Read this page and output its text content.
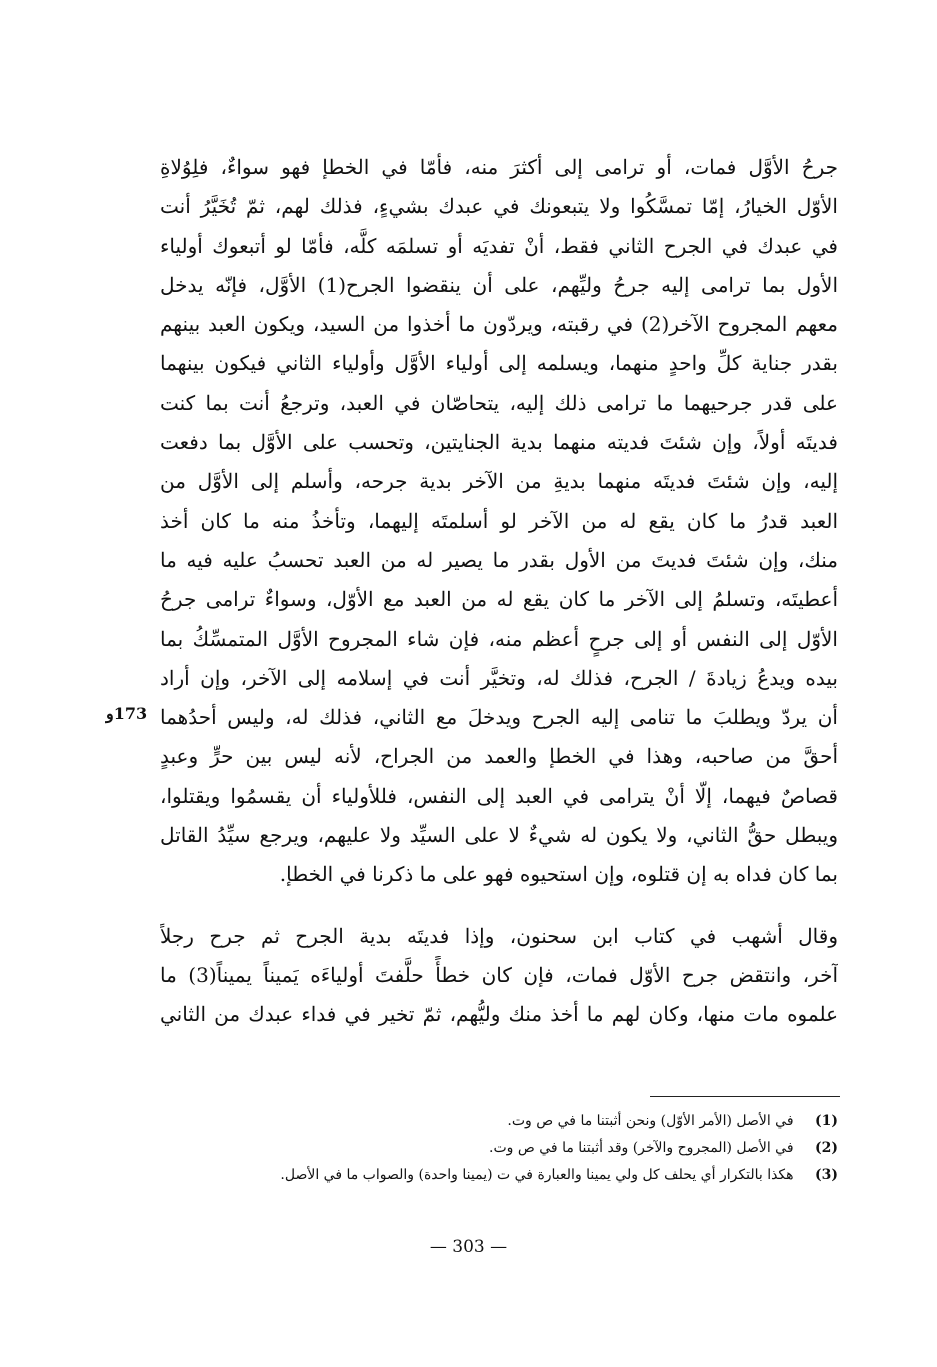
جرحُ الأوَّل فمات، أو ترامى إلى أكثرَ منه، فأمّا في الخطإ فهو سواءٌ، فلِوُلاةِ
الأوّل الخيارُ، إمّا تمسَّكُوا ولا يتبعونك في عبدك بشيءٍ، فذلك لهم، ثمّ تُخَيَّرُ أنت
في عبدك في الجرح الثاني فقط، أنْ تفديَه أو تسلمَه كلَّه، فأمّا لو أتبعوك أولياء
الأول بما ترامى إليه جرحُ وليِّهم، على أن ينقضوا الجرح(1) الأوَّل، فإنّه يدخل
معهم المجروح الآخر(2) في رقبته، ويردّون ما أخذوا من السيد، ويكون العبد بينهم
بقدر جناية كلِّ واحدٍ منهما، ويسلمه إلى أولياء الأوَّل وأولياء الثاني فيكون بينهما
على قدر جرحيهما ما ترامى ذلك إليه، يتحاصّان في العبد، وترجعُ أنت بما كنت
فديتَه أولاً، وإن شئتَ فديته منهما بدية الجنايتين، وتحسب على الأوَّل بما دفعت
إليه، وإن شئتَ فديتَه منهما بديةِ من الآخر بدية جرحه، وأسلم إلى الأوَّل من
العبد قدرُ ما كان يقع له من الآخر لو أسلمتَه إليهما، وتأخذُ منه ما كان أخذ
منك، وإن شئتَ فديتَ من الأول بقدر ما يصير له من العبد تحسبُ عليه فيه ما
أعطيتَه، وتسلمُ إلى الآخر ما كان يقع له من العبد مع الأوّل، وسواءٌ ترامى جرحُ
الأوّل إلى النفس أو إلى جرحٍ أعظم منه، فإن شاء المجروح الأوَّل المتمسِّكُ بما
بيده ويدعُ زيادةَ / الجرح، فذلك له، وتخيَّر أنت في إسلامه إلى الآخر، وإن أراد
أن يردّ ويطلبَ ما تنامى إليه الجرح ويدخلَ مع الثاني، فذلك له، وليس أحدُهما
أحقَّ من صاحبه، وهذا في الخطإ والعمد من الجراح، لأنه ليس بين حرٍّ وعبدٍ
قصاصٌ فيهما، إلّا أنْ يترامى في العبد إلى النفس، فللأولياء أن يقسمُوا ويقتلوا،
ويبطل حقُّ الثاني، ولا يكون له شيءٌ لا على السيِّد ولا عليهم، ويرجع سيِّدُ القاتل
بما كان فداه به إن قتلوه، وإن استحيوه فهو على ما ذكرنا في الخطإ.
وقال أشهب في كتاب ابن سحنون، وإذا فديتَه بدية الجرح ثم جرح رجلاً
آخر، وانتقض جرح الأوّل فمات، فإن كان خطأً حلَّفتَ أولياءَه يَميناً يميناً(3) ما
علموه مات منها، وكان لهم ما أخذ منك وليُّهم، ثمّ تخير في فداء عبدك من الثاني
173و
(1) في الأصل (الأمر الأوّل) ونحن أثبتنا ما في ص وت.
(2) في الأصل (المجروح والآخر) وقد أثبتنا ما في ص وت.
(3) هكذا بالتكرار أي يحلف كل ولي يمينا والعبارة في ت (يمينا واحدة) والصواب ما في الأصل.
— 303 —
